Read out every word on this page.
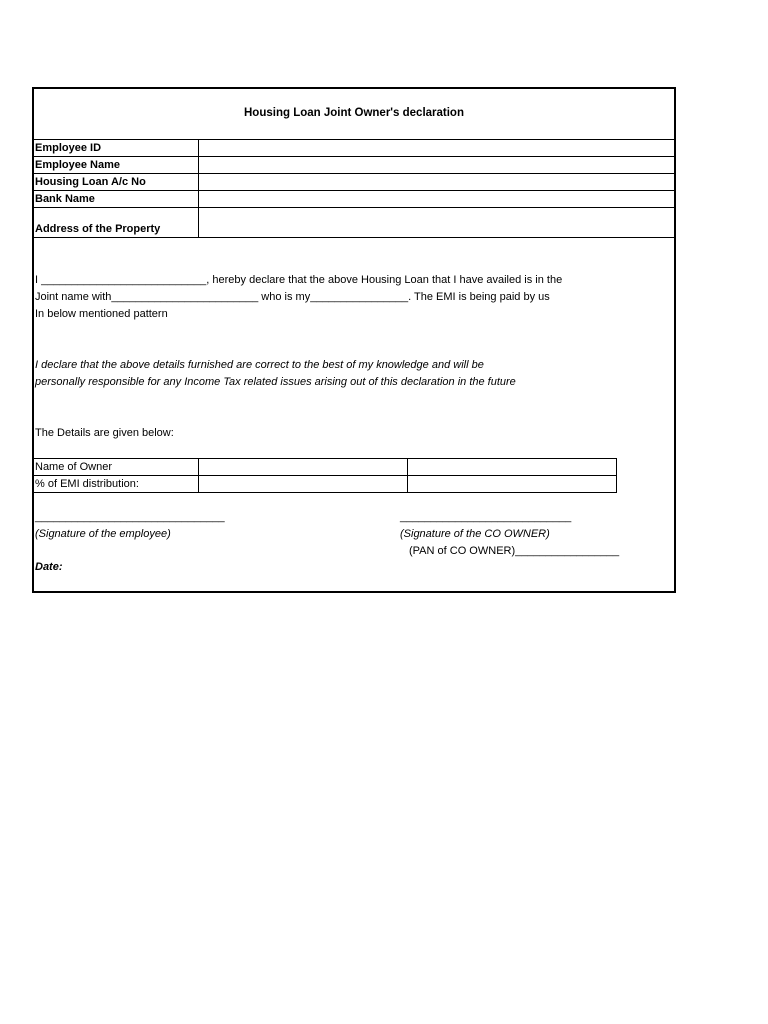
Housing Loan Joint Owner's declaration
Employee ID
Employee Name
Housing Loan A/c No
Bank Name
Address of the Property
I ___________________________, hereby declare that the above Housing Loan that I have availed is in the
Joint name with________________________ who is my________________. The EMI is being paid by us
In below mentioned pattern
I declare that the above details furnished are correct to the best of my knowledge and will be
personally responsible for any Income Tax related issues arising out of this declaration in the future
The Details are given below:
Name of Owner
% of EMI distribution:
_______________________________
(Signature of the employee)
____________________________
(Signature of the CO OWNER)
(PAN of CO OWNER)_________________
Date:
